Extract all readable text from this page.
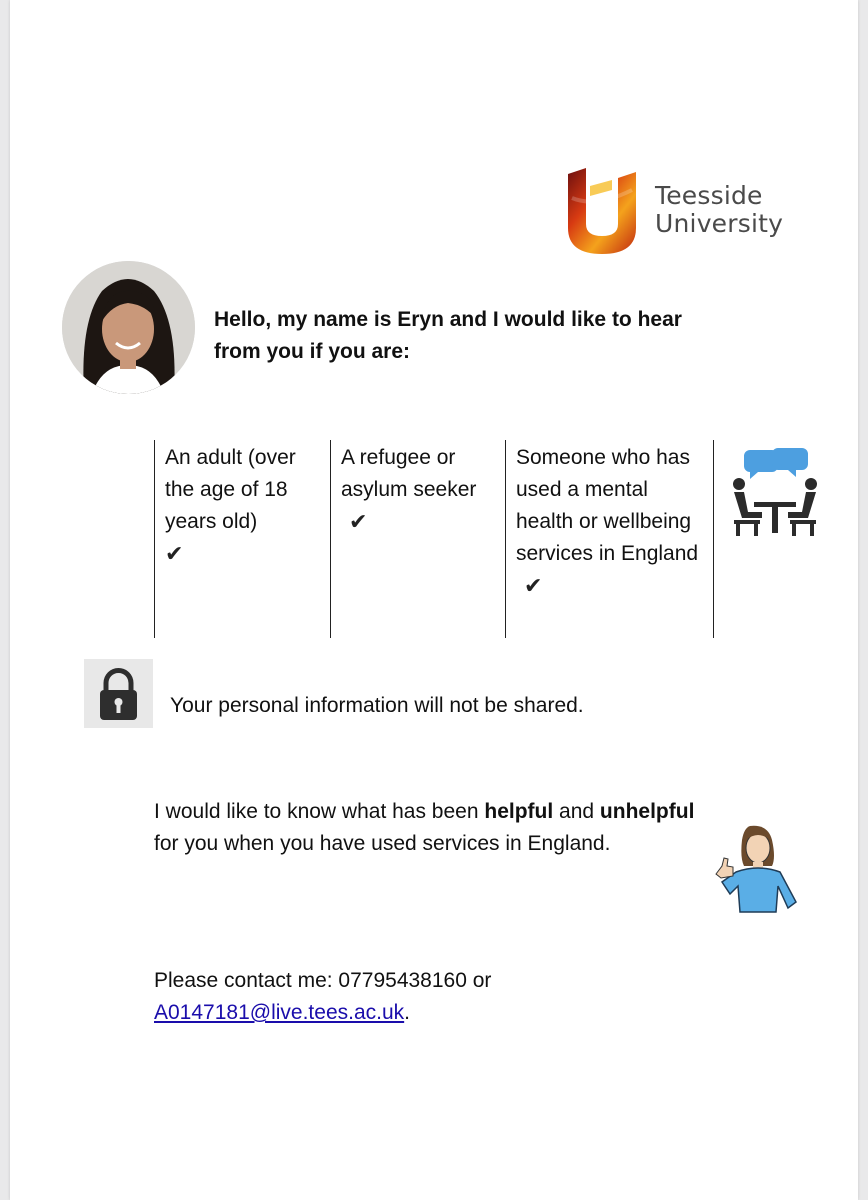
Teesside
University
Hello, my name is Eryn and I would like to hear from you if you are:
An adult (over the age of 18 years old)
✔
A refugee or asylum seeker✔
Someone who has used a mental health or wellbeing services in England✔
Your personal information will not be shared.
I would like to know what has been helpful and unhelpful for you when you have used services in England.
Please contact me: 07795438160 or A0147181@live.tees.ac.uk.
